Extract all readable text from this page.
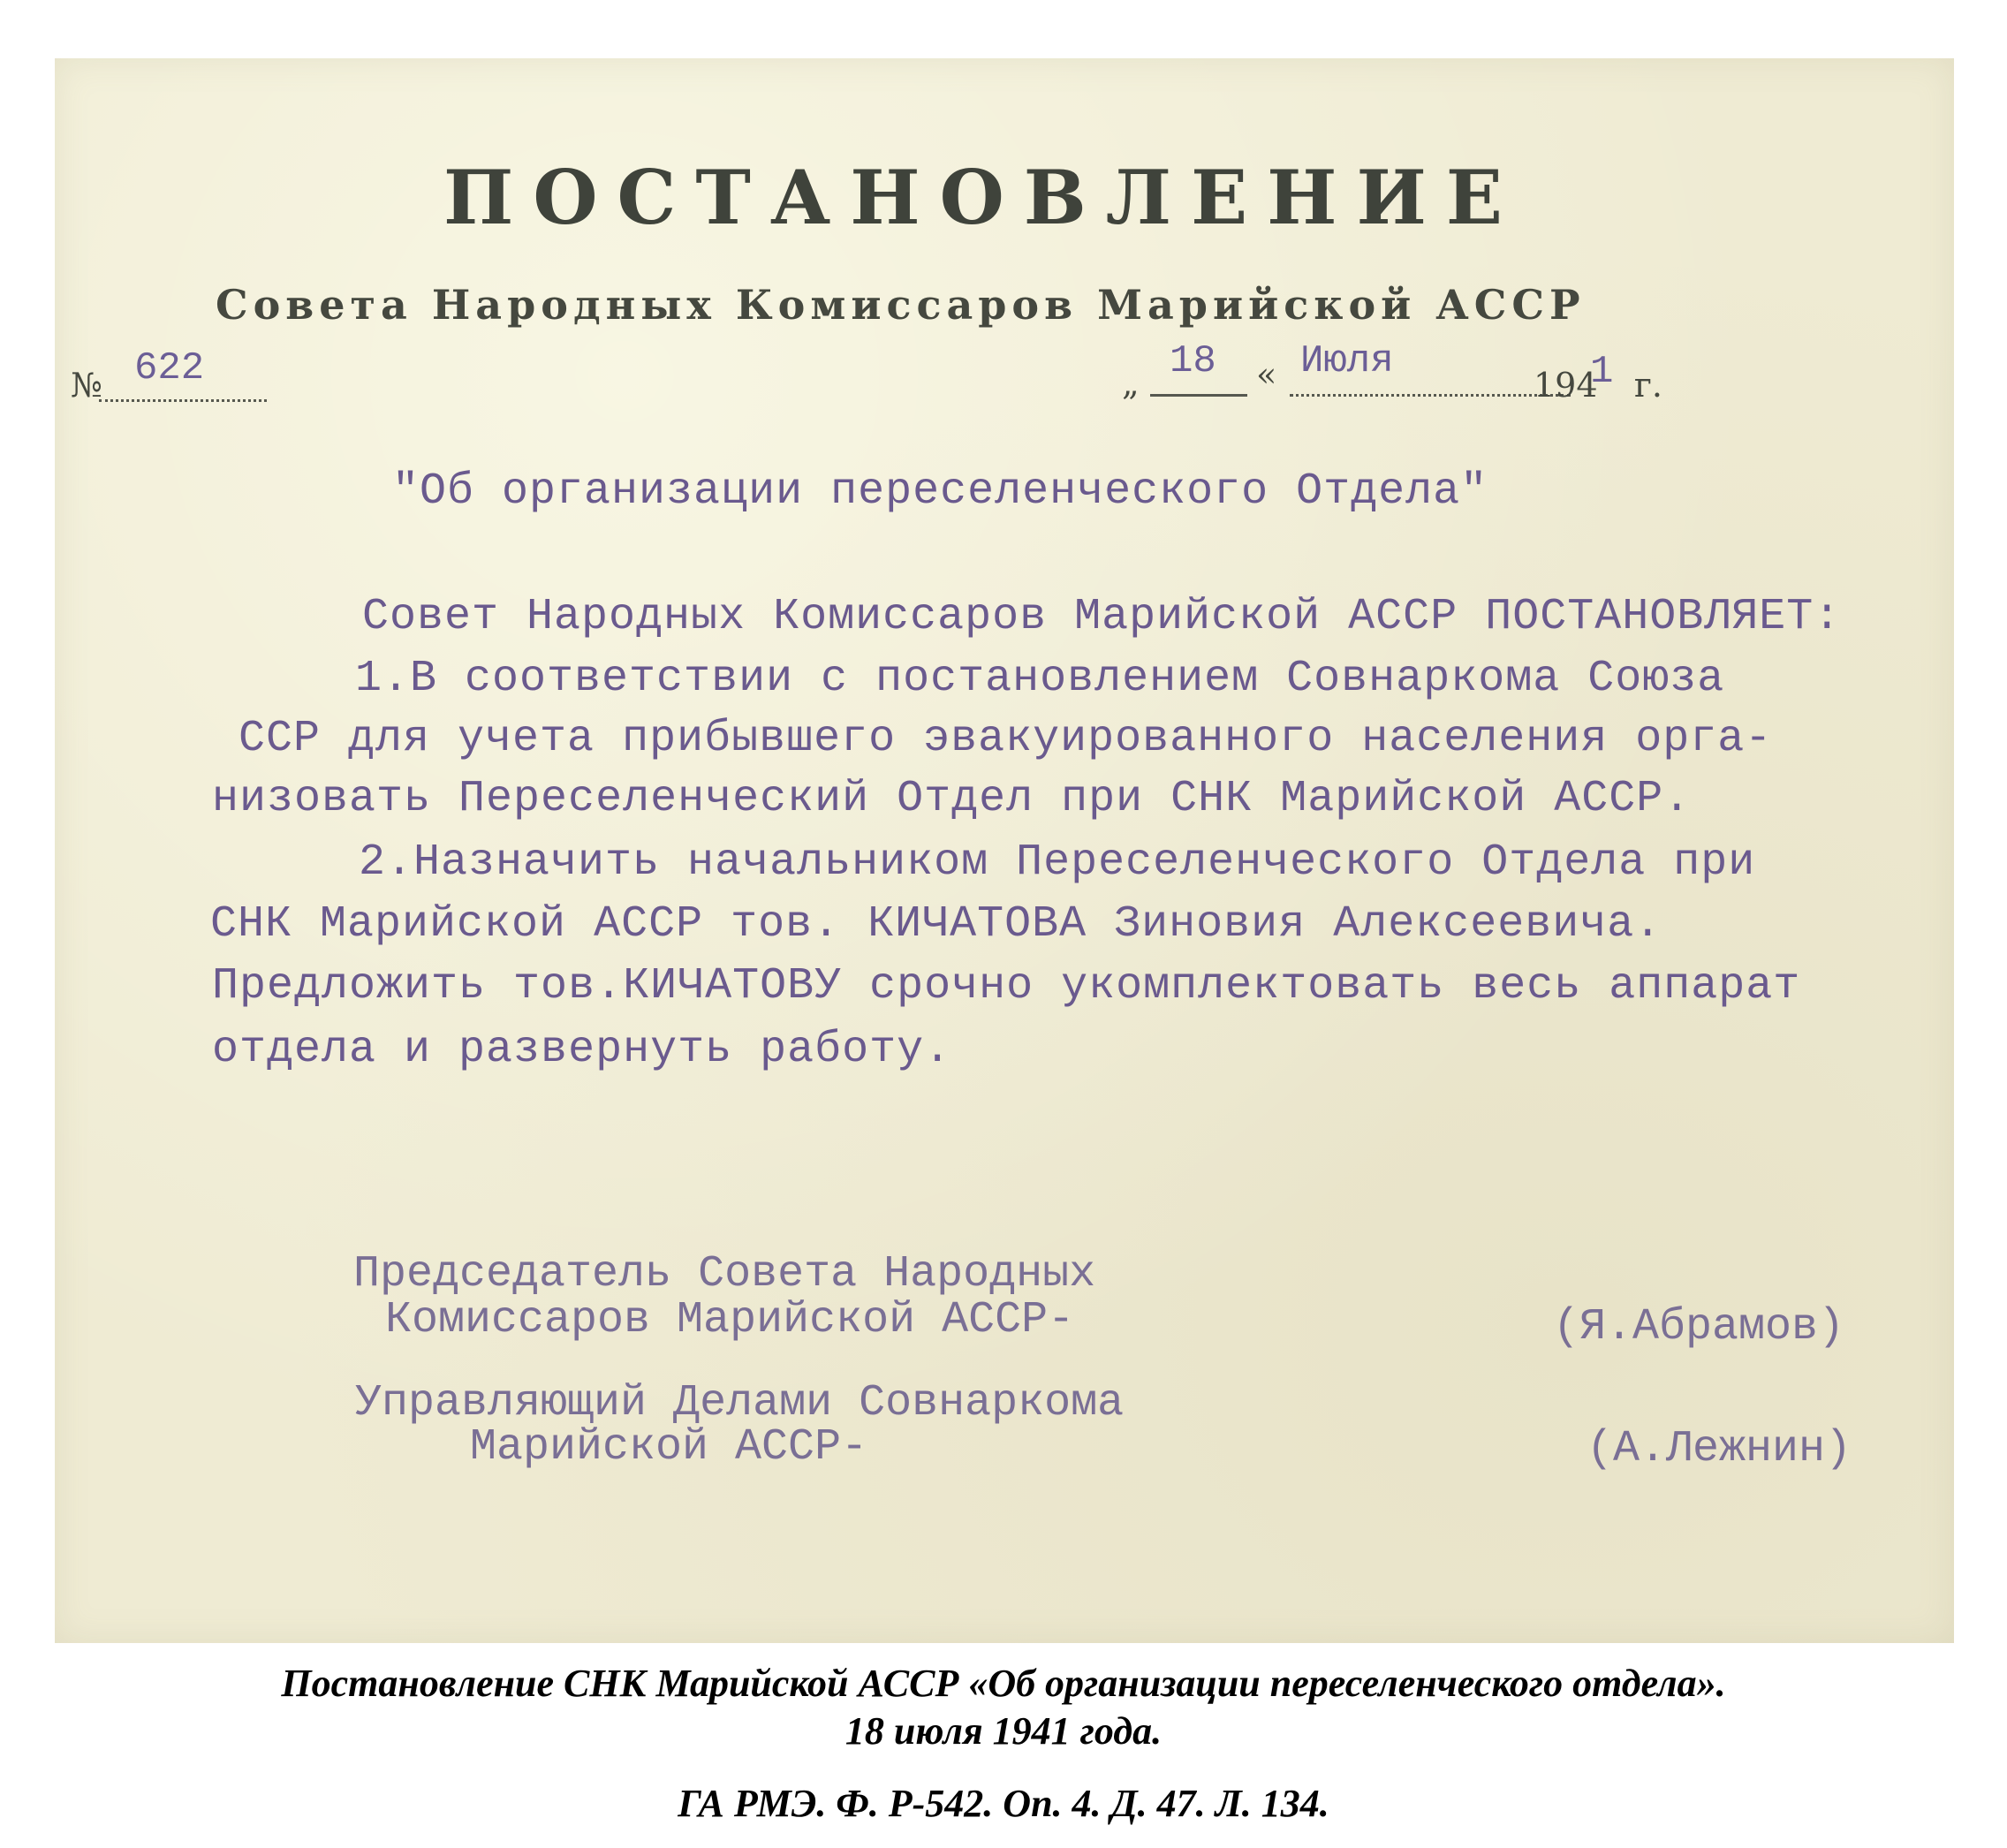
ПОСТАНОВЛЕНИЕ
Совета Народных Комиссаров Марийской АССР
№ 622	„ 18 « Июля
194
1 г.
"Об организации переселенческого Отдела"
Совет Народных Комиссаров Марийской АССР ПОСТАНОВЛЯЕТ:
1.В соответствии с постановлением Совнаркома Союза
ССР для учета прибывшего эвакуированного населения орга-
низовать Переселенческий Отдел при СНК Марийской АССР.
2.Назначить начальником Переселенческого Отдела при
СНК Марийской АССР тов. КИЧАТОВА Зиновия Алексеевича.
Предложить тов.КИЧАТОВУ срочно укомплектовать весь аппарат
отдела и развернуть работу.
Председатель Совета Народных
Комиссаров Марийской АССР-	(Я.Абрамов)
Управляющий Делами Совнаркома
Марийской АССР-	(А.Лежнин)
Постановление СНК Марийской АССР «Об организации переселенческого отдела».
18 июля 1941 года.
ГА РМЭ. Ф. Р-542. Оп. 4. Д. 47. Л. 134.
